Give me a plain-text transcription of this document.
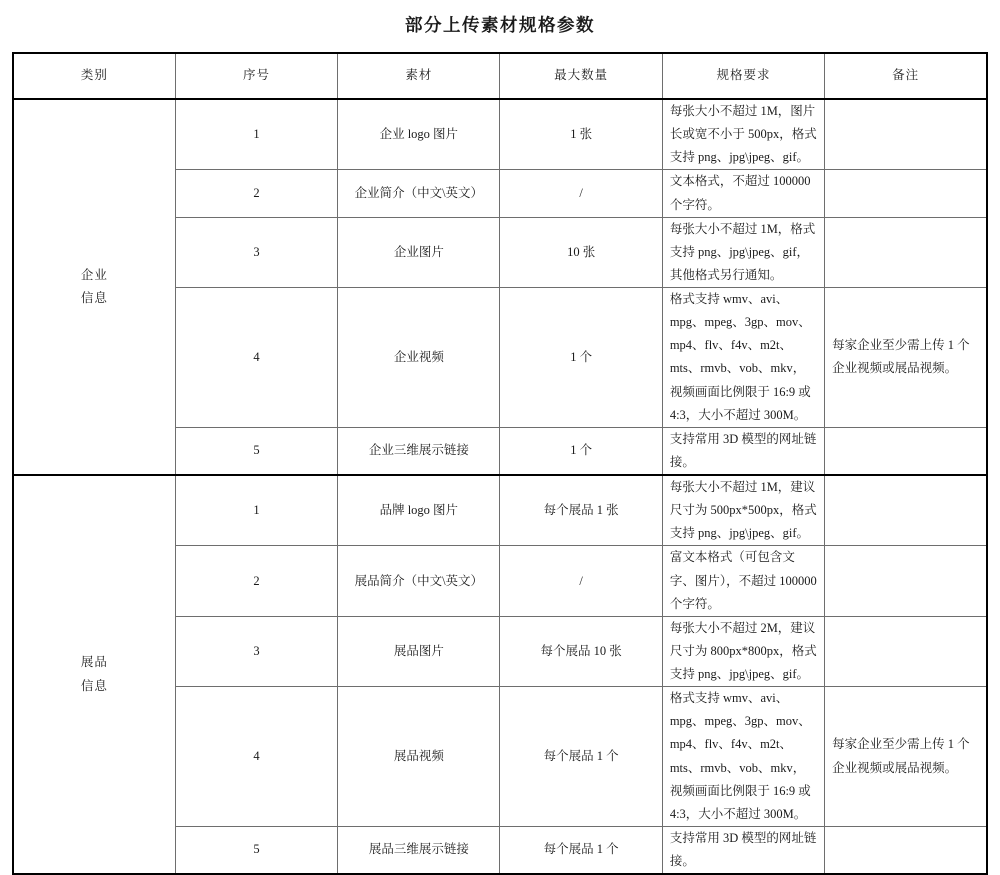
部分上传素材规格参数
类别	序号	素材	最大数量	规格要求	备注

企业
信息	1	企业 logo 图片	1 张	每张大小不超过 1M，图片长或宽不小于 500px，格式支持 png、jpg\jpeg、gif。	
	2	企业简介（中文\英文）	/	文本格式，不超过 100000 个字符。	
	3	企业图片	10 张	每张大小不超过 1M，格式支持 png、jpg\jpeg、gif，其他格式另行通知。	
	4	企业视频	1 个	格式支持 wmv、avi、mpg、mpeg、3gp、mov、mp4、flv、f4v、m2t、mts、rmvb、vob、mkv，视频画面比例限于 16:9 或 4:3，大小不超过 300M。	每家企业至少需上传 1 个企业视频或展品视频。
	5	企业三维展示链接	1 个	支持常用 3D 模型的网址链接。	

展品
信息	1	品牌 logo 图片	每个展品 1 张	每张大小不超过 1M，建议尺寸为 500px*500px，格式支持 png、jpg\jpeg、gif。	
	2	展品简介（中文\英文）	/	富文本格式（可包含文字、图片），不超过 100000 个字符。	
	3	展品图片	每个展品 10 张	每张大小不超过 2M，建议尺寸为 800px*800px，格式支持 png、jpg\jpeg、gif。	
	4	展品视频	每个展品 1 个	格式支持 wmv、avi、mpg、mpeg、3gp、mov、mp4、flv、f4v、m2t、mts、rmvb、vob、mkv，视频画面比例限于 16:9 或 4:3，大小不超过 300M。	每家企业至少需上传 1 个企业视频或展品视频。
	5	展品三维展示链接	每个展品 1 个	支持常用 3D 模型的网址链接。	
